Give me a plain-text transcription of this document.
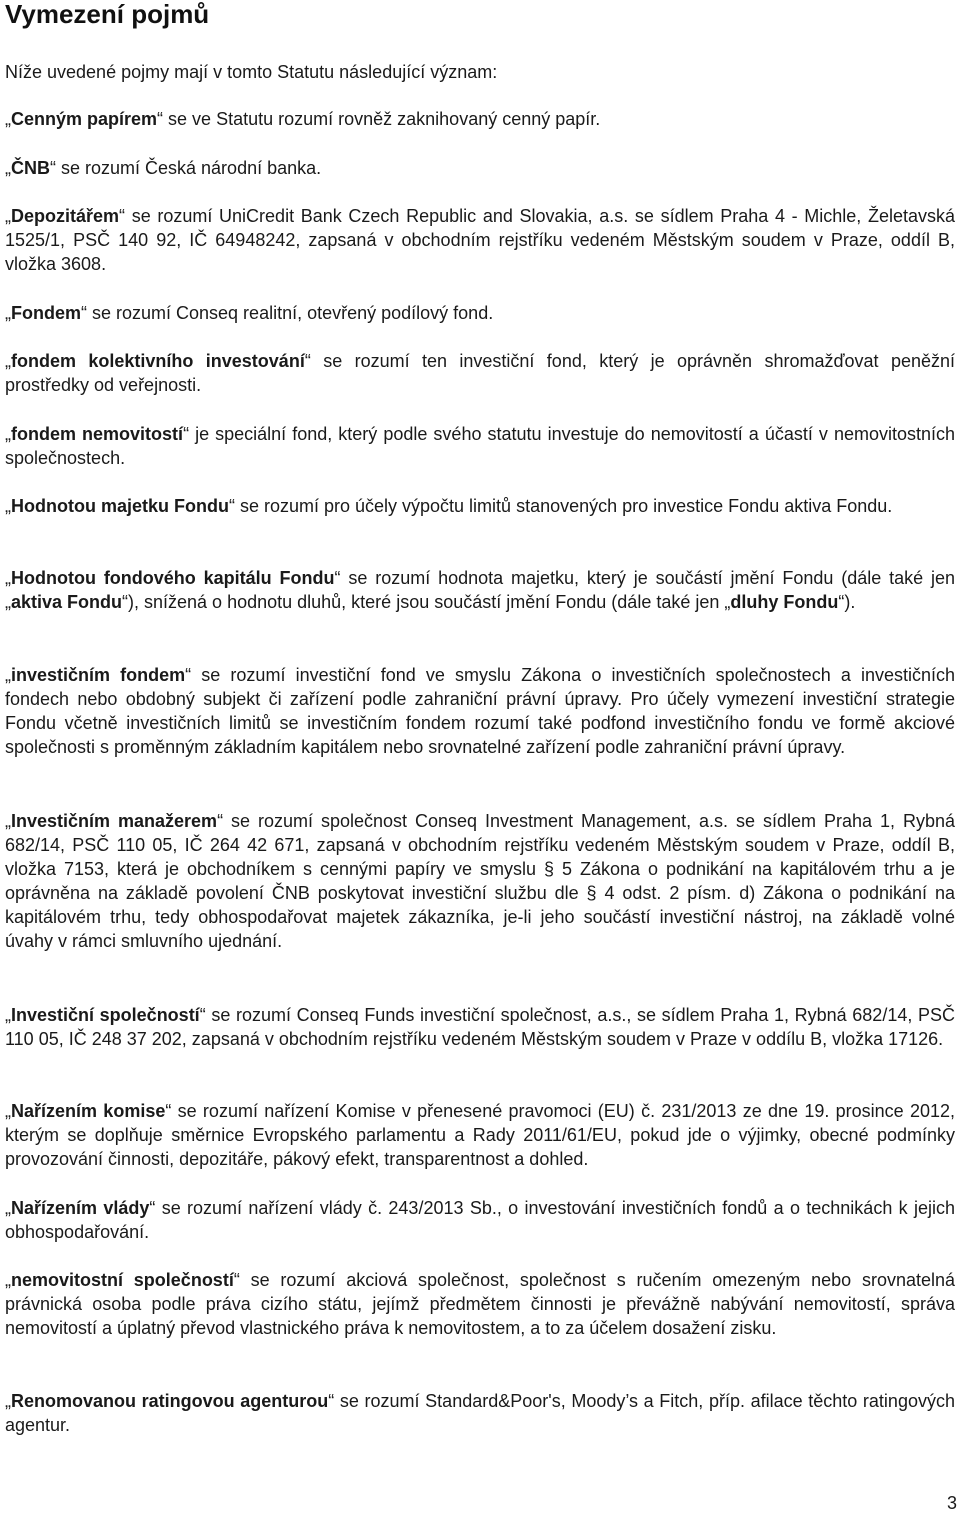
Vymezení pojmů

Níže uvedené pojmy mají v tomto Statutu následující význam:

„Cenným papírem“ se ve Statutu rozumí rovněž zaknihovaný cenný papír.

„ČNB“ se rozumí Česká národní banka.

„Depozitářem“ se rozumí UniCredit Bank Czech Republic and Slovakia, a.s. se sídlem Praha 4 - Michle, Želetavská 1525/1, PSČ 140 92, IČ 64948242, zapsaná v obchodním rejstříku vedeném Městským soudem v Praze, oddíl B, vložka 3608.

„Fondem“ se rozumí Conseq realitní, otevřený podílový fond.

„fondem kolektivního investování“ se rozumí ten investiční fond, který je oprávněn shromažďovat peněžní prostředky od veřejnosti.

„fondem nemovitostí“ je speciální fond, který podle svého statutu investuje do nemovitostí a účastí v nemovitostních společnostech.

„Hodnotou majetku Fondu“ se rozumí pro účely výpočtu limitů stanovených pro investice Fondu aktiva Fondu.

„Hodnotou fondového kapitálu Fondu“ se rozumí hodnota majetku, který je součástí jmění Fondu (dále také jen „aktiva Fondu“), snížená o hodnotu dluhů, které jsou součástí jmění Fondu (dále také jen „dluhy Fondu“).

„investičním fondem“ se rozumí investiční fond ve smyslu Zákona o investičních společnostech a investičních fondech nebo obdobný subjekt či zařízení podle zahraniční právní úpravy. Pro účely vymezení investiční strategie Fondu včetně investičních limitů se investičním fondem rozumí také podfond investičního fondu ve formě akciové společnosti s proměnným základním kapitálem nebo srovnatelné zařízení podle zahraniční právní úpravy.

„Investičním manažerem“ se rozumí společnost Conseq Investment Management, a.s. se sídlem Praha 1, Rybná 682/14, PSČ 110 05, IČ 264 42 671, zapsaná v obchodním rejstříku vedeném Městským soudem v Praze, oddíl B, vložka 7153, která je obchodníkem s cennými papíry ve smyslu § 5 Zákona o podnikání na kapitálovém trhu a je oprávněna na základě povolení ČNB poskytovat investiční službu dle § 4 odst. 2 písm. d) Zákona o podnikání na kapitálovém trhu, tedy obhospodařovat majetek zákazníka, je-li jeho součástí investiční nástroj, na základě volné úvahy v rámci smluvního ujednání.

„Investiční společností“ se rozumí Conseq Funds investiční společnost, a.s., se sídlem Praha 1, Rybná 682/14, PSČ 110 05, IČ 248 37 202, zapsaná v obchodním rejstříku vedeném Městským soudem v Praze v oddílu B, vložka 17126.

„Nařízením komise“ se rozumí nařízení Komise v přenesené pravomoci (EU) č. 231/2013 ze dne 19. prosince 2012, kterým se doplňuje směrnice Evropského parlamentu a Rady 2011/61/EU, pokud jde o výjimky, obecné podmínky provozování činnosti, depozitáře, pákový efekt, transparentnost a dohled.

„Nařízením vlády“ se rozumí nařízení vlády č. 243/2013 Sb., o investování investičních fondů a o technikách k jejich obhospodařování.

„nemovitostní společností“ se rozumí akciová společnost, společnost s ručením omezeným nebo srovnatelná právnická osoba podle práva cizího státu, jejímž předmětem činnosti je převážně nabývání nemovitostí, správa nemovitostí a úplatný převod vlastnického práva k nemovitostem, a to za účelem dosažení zisku.

„Renomovanou ratingovou agenturou“ se rozumí Standard&Poor's, Moody’s a Fitch, příp. afilace těchto ratingových agentur.

3
